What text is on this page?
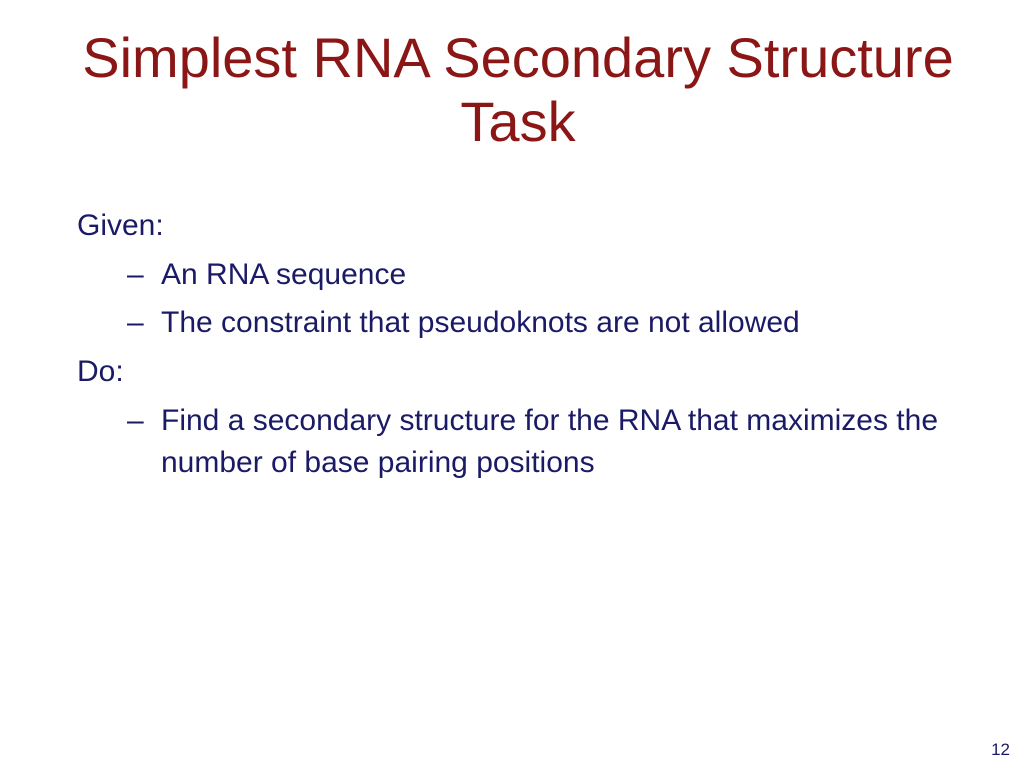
Simplest RNA Secondary Structure
Task

Given:

– An RNA sequence
– The constraint that pseudoknots are not allowed

Do:

– Find a secondary structure for the RNA that maximizes the number of base pairing positions
12
